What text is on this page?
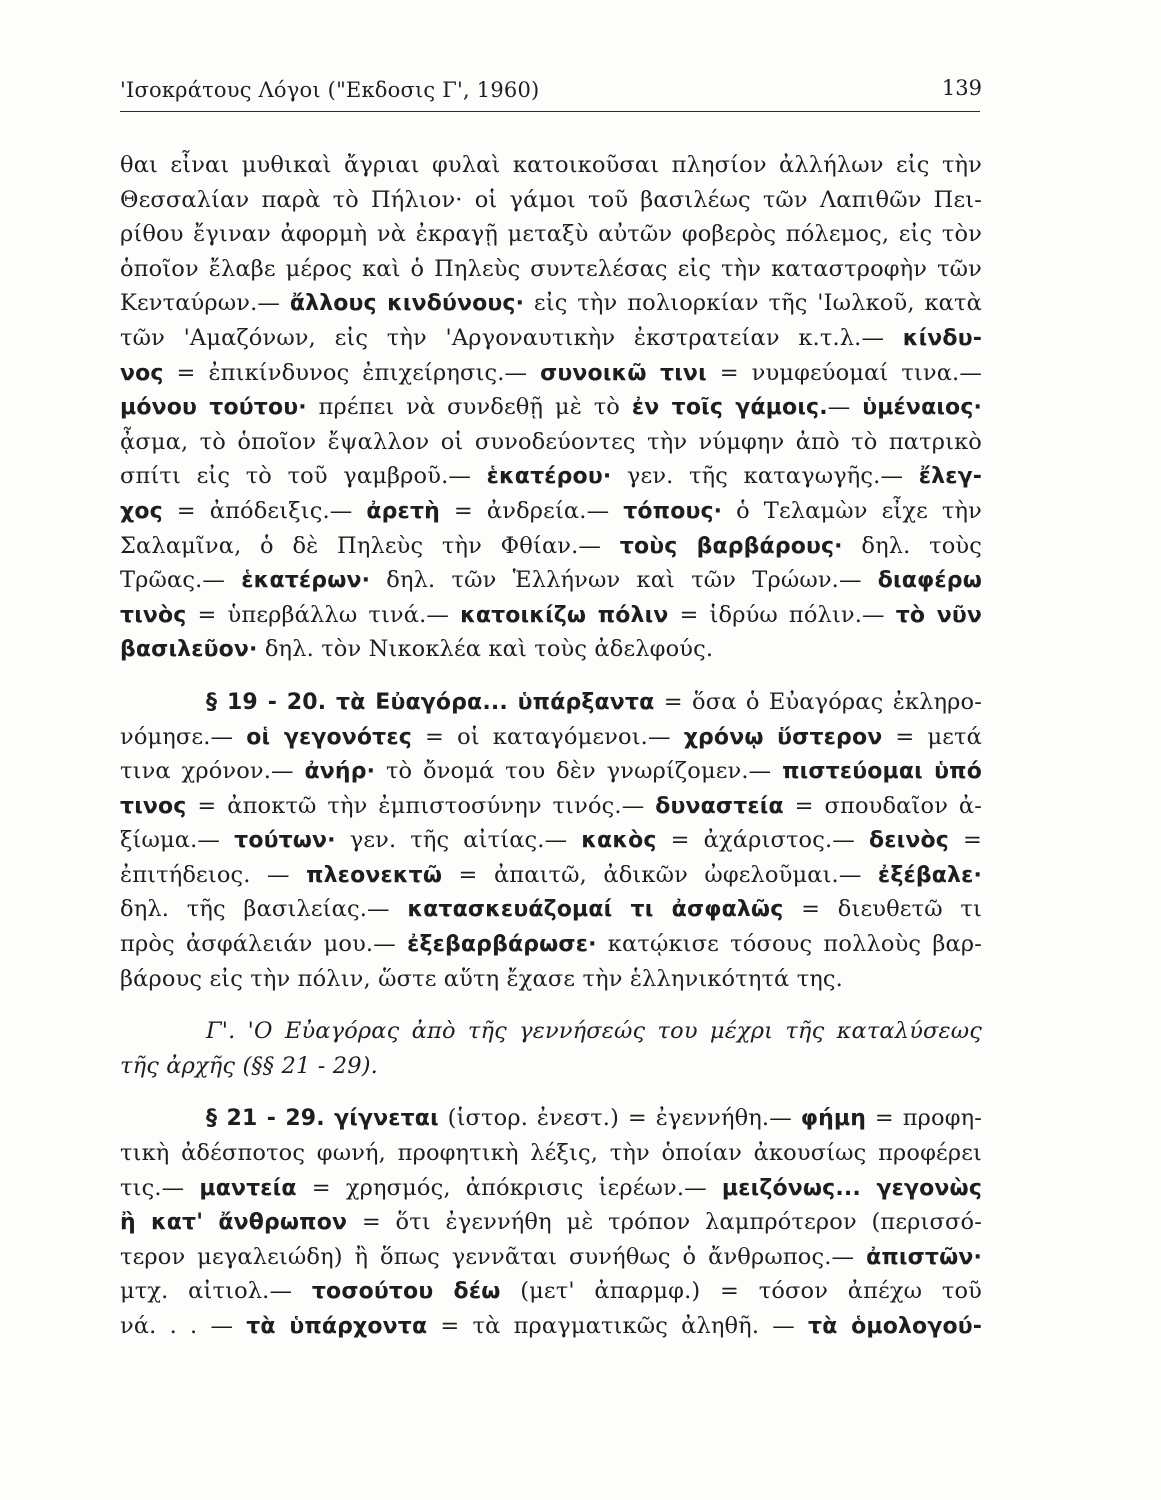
'Ισοκράτους Λόγοι ("Εκδοσις Γ', 1960)	139
θαι εἶναι μυθικαὶ ἄγριαι φυλαὶ κατοικοῦσαι πλησίον ἀλλήλων εἰς τὴν
Θεσσαλίαν παρὰ τὸ Πήλιον· οἱ γάμοι τοῦ βασιλέως τῶν Λαπιθῶν Πει-
ρίθου ἔγιναν ἀφορμὴ νὰ ἐκραγῇ μεταξὺ αὐτῶν φοβερὸς πόλεμος, εἰς τὸν
ὁποῖον ἔλαβε μέρος καὶ ὁ Πηλεὺς συντελέσας εἰς τὴν καταστροφὴν τῶν
Κενταύρων.— ἄλλους κινδύνους· εἰς τὴν πολιορκίαν τῆς 'Ιωλκοῦ, κατὰ
τῶν 'Αμαζόνων, εἰς τὴν 'Αργοναυτικὴν ἐκστρατείαν κ.τ.λ.— κίνδυ-
νος = ἐπικίνδυνος ἐπιχείρησις.— συνοικῶ τινι = νυμφεύομαί τινα.—
μόνου τούτου· πρέπει νὰ συνδεθῇ μὲ τὸ ἐν τοῖς γάμοις.— ὑμέναιος·
ᾆσμα, τὸ ὁποῖον ἔψαλλον οἱ συνοδεύοντες τὴν νύμφην ἀπὸ τὸ πατρικὸ
σπίτι εἰς τὸ τοῦ γαμβροῦ.— ἑκατέρου· γεν. τῆς καταγωγῆς.— ἔλεγ-
χος = ἀπόδειξις.— ἀρετὴ = ἀνδρεία.— τόπους· ὁ Τελαμὼν εἶχε τὴν
Σαλαμῖνα, ὁ δὲ Πηλεὺς τὴν Φθίαν.— τοὺς βαρβάρους· δηλ. τοὺς
Τρῶας.— ἑκατέρων· δηλ. τῶν Ἑλλήνων καὶ τῶν Τρώων.— διαφέρω
τινὸς = ὑπερβάλλω τινά.— κατοικίζω πόλιν = ἱδρύω πόλιν.— τὸ νῦν
βασιλεῦον· δηλ. τὸν Νικοκλέα καὶ τοὺς ἀδελφούς.
§ 19 - 20. τὰ Εὐαγόρα... ὑπάρξαντα = ὅσα ὁ Εὐαγόρας ἐκληρο-
νόμησε.— οἱ γεγονότες = οἱ καταγόμενοι.— χρόνῳ ὕστερον = μετά
τινα χρόνον.— ἀνήρ· τὸ ὄνομά του δὲν γνωρίζομεν.— πιστεύομαι ὑπό
τινος = ἀποκτῶ τὴν ἐμπιστοσύνην τινός.— δυναστεία = σπουδαῖον ἀ-
ξίωμα.— τούτων· γεν. τῆς αἰτίας.— κακὸς = ἀχάριστος.— δεινὸς =
ἐπιτήδειος. — πλεονεκτῶ = ἀπαιτῶ, ἀδικῶν ὠφελοῦμαι.— ἐξέβαλε·
δηλ. τῆς βασιλείας.— κατασκευάζομαί τι ἀσφαλῶς = διευθετῶ τι
πρὸς ἀσφάλειάν μου.— ἐξεβαρβάρωσε· κατῴκισε τόσους πολλοὺς βαρ-
βάρους εἰς τὴν πόλιν, ὥστε αὕτη ἔχασε τὴν ἑλληνικότητά της.
Γ'. 'Ο Εὐαγόρας ἀπὸ τῆς γεννήσεώς του μέχρι τῆς καταλύσεως
τῆς ἀρχῆς (§§ 21 - 29).
§ 21 - 29. γίγνεται (ἱστορ. ἐνεστ.) = ἐγεννήθη.— φήμη = προφη-
τικὴ ἀδέσποτος φωνή, προφητικὴ λέξις, τὴν ὁποίαν ἀκουσίως προφέρει
τις.— μαντεία = χρησμός, ἀπόκρισις ἱερέων.— μειζόνως... γεγονὼς
ἢ κατ' ἄνθρωπον = ὅτι ἐγεννήθη μὲ τρόπον λαμπρότερον (περισσό-
τερον μεγαλειώδη) ἢ ὅπως γεννᾶται συνήθως ὁ ἄνθρωπος.— ἀπιστῶν·
μτχ. αἰτιολ.— τοσούτου δέω (μετ' ἀπαρμφ.) = τόσον ἀπέχω τοῦ
νά. . . — τὰ ὑπάρχοντα = τὰ πραγματικῶς ἀληθῆ. — τὰ ὁμολογού-
